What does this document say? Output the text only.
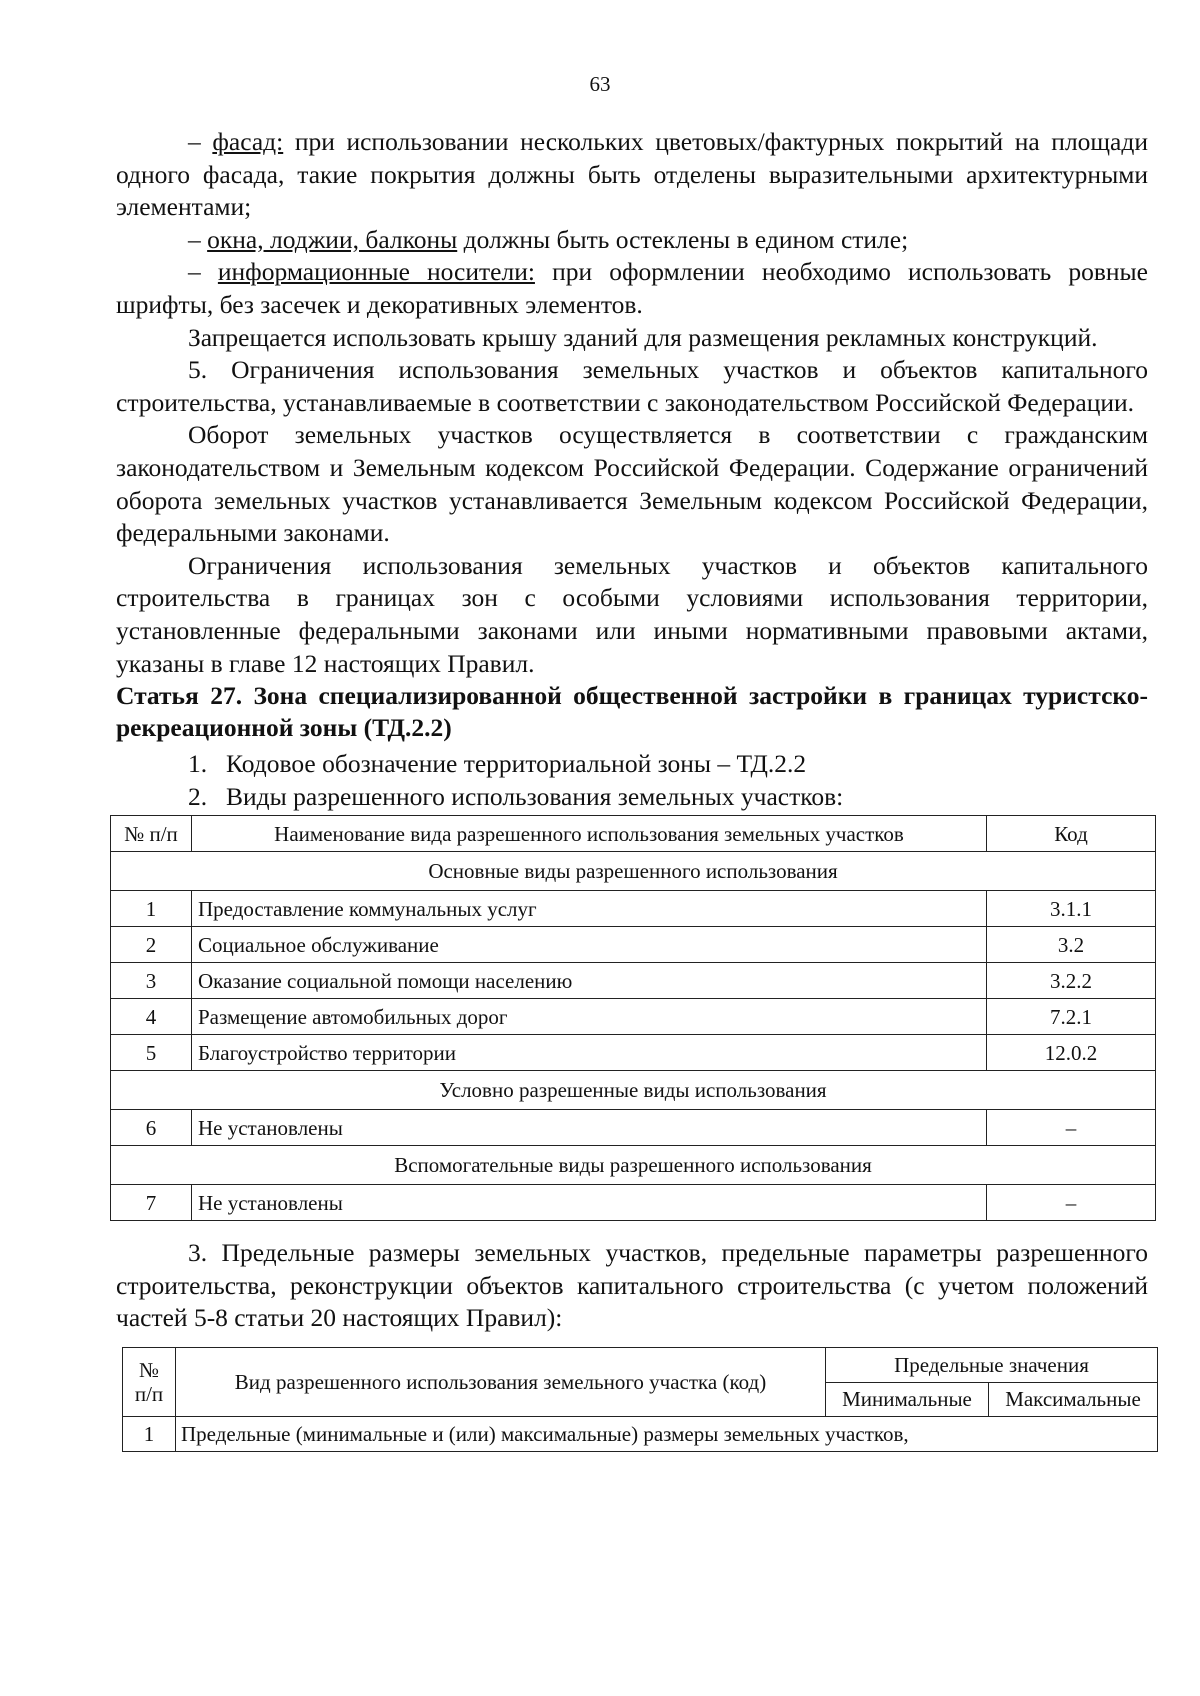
63

– фасад: при использовании нескольких цветовых/фактурных покрытий на площади одного фасада, такие покрытия должны быть отделены выразительными архитектурными элементами;

– окна, лоджии, балконы должны быть остеклены в едином стиле;

– информационные носители: при оформлении необходимо использовать ровные шрифты, без засечек и декоративных элементов.

Запрещается использовать крышу зданий для размещения рекламных конструкций.

5. Ограничения использования земельных участков и объектов капитального строительства, устанавливаемые в соответствии с законодательством Российской Федерации.

Оборот земельных участков осуществляется в соответствии с гражданским законодательством и Земельным кодексом Российской Федерации. Содержание ограничений оборота земельных участков устанавливается Земельным кодексом Российской Федерации, федеральными законами.

Ограничения использования земельных участков и объектов капитального строительства в границах зон с особыми условиями использования территории, установленные федеральными законами или иными нормативными правовыми актами, указаны в главе 12 настоящих Правил.

Статья 27. Зона специализированной общественной застройки в границах туристско-рекреационной зоны (ТД.2.2)
1. Кодовое обозначение территориальной зоны – ТД.2.2
2. Виды разрешенного использования земельных участков:
№ п/п	Наименование вида разрешенного использования земельных участков	Код
Основные виды разрешенного использования		
1	Предоставление коммунальных услуг	3.1.1
2	Социальное обслуживание	3.2
3	Оказание социальной помощи населению	3.2.2
4	Размещение автомобильных дорог	7.2.1
5	Благоустройство территории	12.0.2
Условно разрешенные виды использования		
6	Не установлены	–
Вспомогательные виды разрешенного использования		
7	Не установлены	–

3. Предельные размеры земельных участков, предельные параметры разрешенного строительства, реконструкции объектов капитального строительства (с учетом положений частей 5-8 статьи 20 настоящих Правил):

№ п/п	Вид разрешенного использования земельного участка (код)	Предельные значения	
		Минимальные	Максимальные
1	Предельные (минимальные и (или) максимальные) размеры земельных участков,		
